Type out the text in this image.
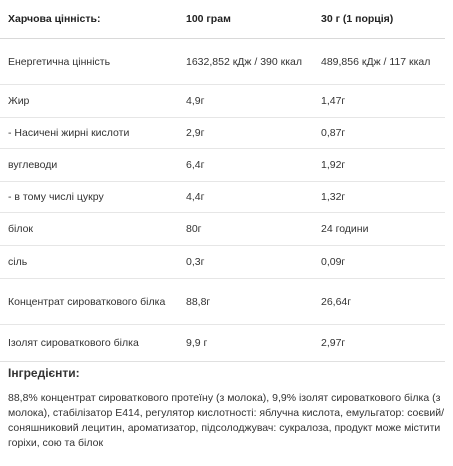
Харчова цінність:	100 грам	30 г (1 порція)
Енергетична цінність	1632,852 кДж / 390 ккал	489,856 кДж / 117 ккал
Жир	4,9г	1,47г
- Насичені жирні кислоти	2,9г	0,87г
вуглеводи	6,4г	1,92г
- в тому числі цукру	4,4г	1,32г
білок	80г	24 години
сіль	0,3г	0,09г
Концентрат сироваткового білка	88,8г	26,64г
Ізолят сироваткового білка	9,9 г	2,97г
Інгредієнти:

88,8% концентрат сироваткового протеїну (з молока), 9,9% ізолят сироваткового білка (з молока), стабілізатор Е414, регулятор кислотності: яблучна кислота, емульгатор: соєвий/соняшниковий лецитин, ароматизатор, підсолоджувач: сукралоза, продукт може містити горіхи, сою та білок
